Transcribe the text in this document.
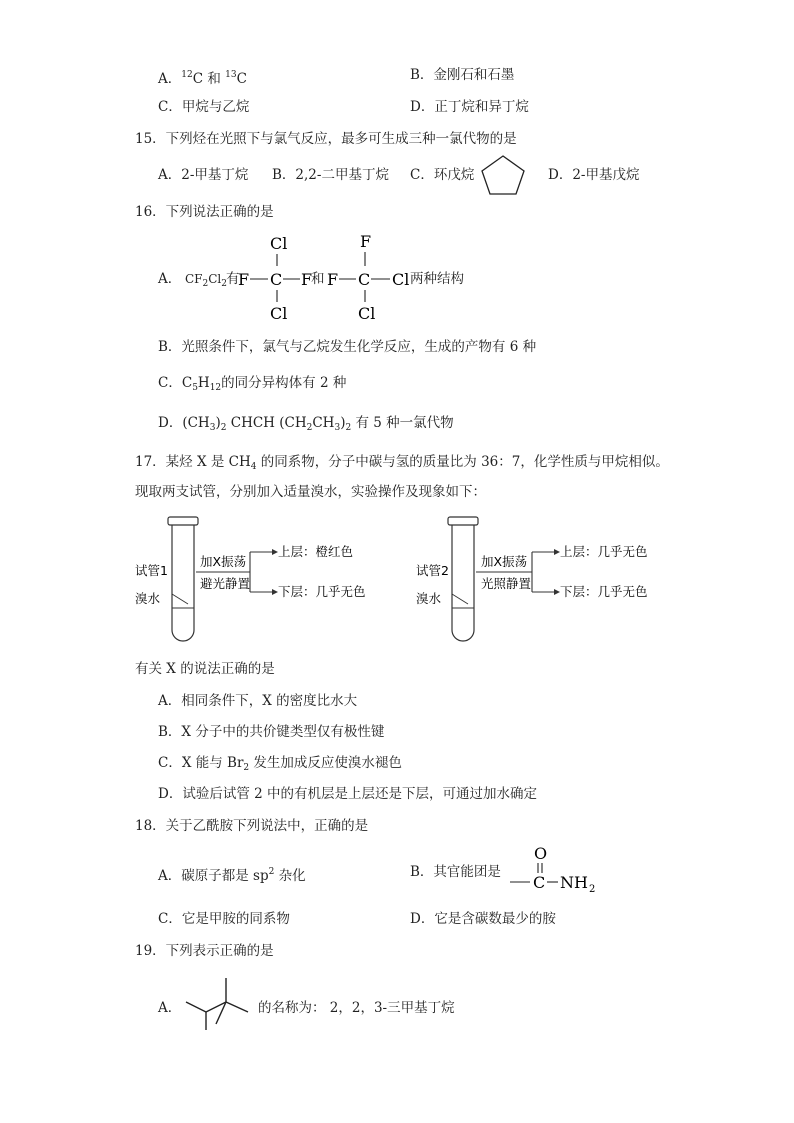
A．$^{12}$C 和 $^{13}$C	B．金刚石和石墨
C．甲烷与乙烷	D．正丁烷和异丁烷
15．下列烃在光照下与氯气反应，最多可生成三种一氯代物的是
A．2-甲基丁烷 B．2,2-二甲基丁烷 C．环戊烷	D．2-甲基戊烷
16．下列说法正确的是
A． $CF_2Cl_2$
有
Cl
F C F
Cl
F
F C Cl
Cl
和	两种结构
B．光照条件下，氯气与乙烷发生化学反应，生成的产物有 6 种
C．$C_5H_{12}$的同分异构体有 2 种
D．$(CH_3)_2$ CHCH $(CH_2CH_3)_2$ 有 5 种一氯代物
17．某烃 X 是 $CH_4$ 的同系物，分子中碳与氢的质量比为 36：7，化学性质与甲烷相似。
现取两支试管，分别加入适量溴水，实验操作及现象如下：
试管1
溴水
加X振荡
避光静置
上层：橙红色
下层：几乎无色
试管2
溴水
加X振荡
光照静置
上层：几乎无色
下层：几乎无色
有关 X 的说法正确的是
A．相同条件下，X 的密度比水大
B．X 分子中的共价键类型仅有极性键
C．X 能与 $Br_2$ 发生加成反应使溴水褪色
D．试验后试管 2 中的有机层是上层还是下层，可通过加水确定
18．关于乙酰胺下列说法中，正确的是
A．碳原子都是 $sp^2$ 杂化	B．其官能团是
O
C NH 2
C．它是甲胺的同系物	D．它是含碳数最少的胺
19．下列表示正确的是
A．	的名称为： 2，2，3-三甲基丁烷
